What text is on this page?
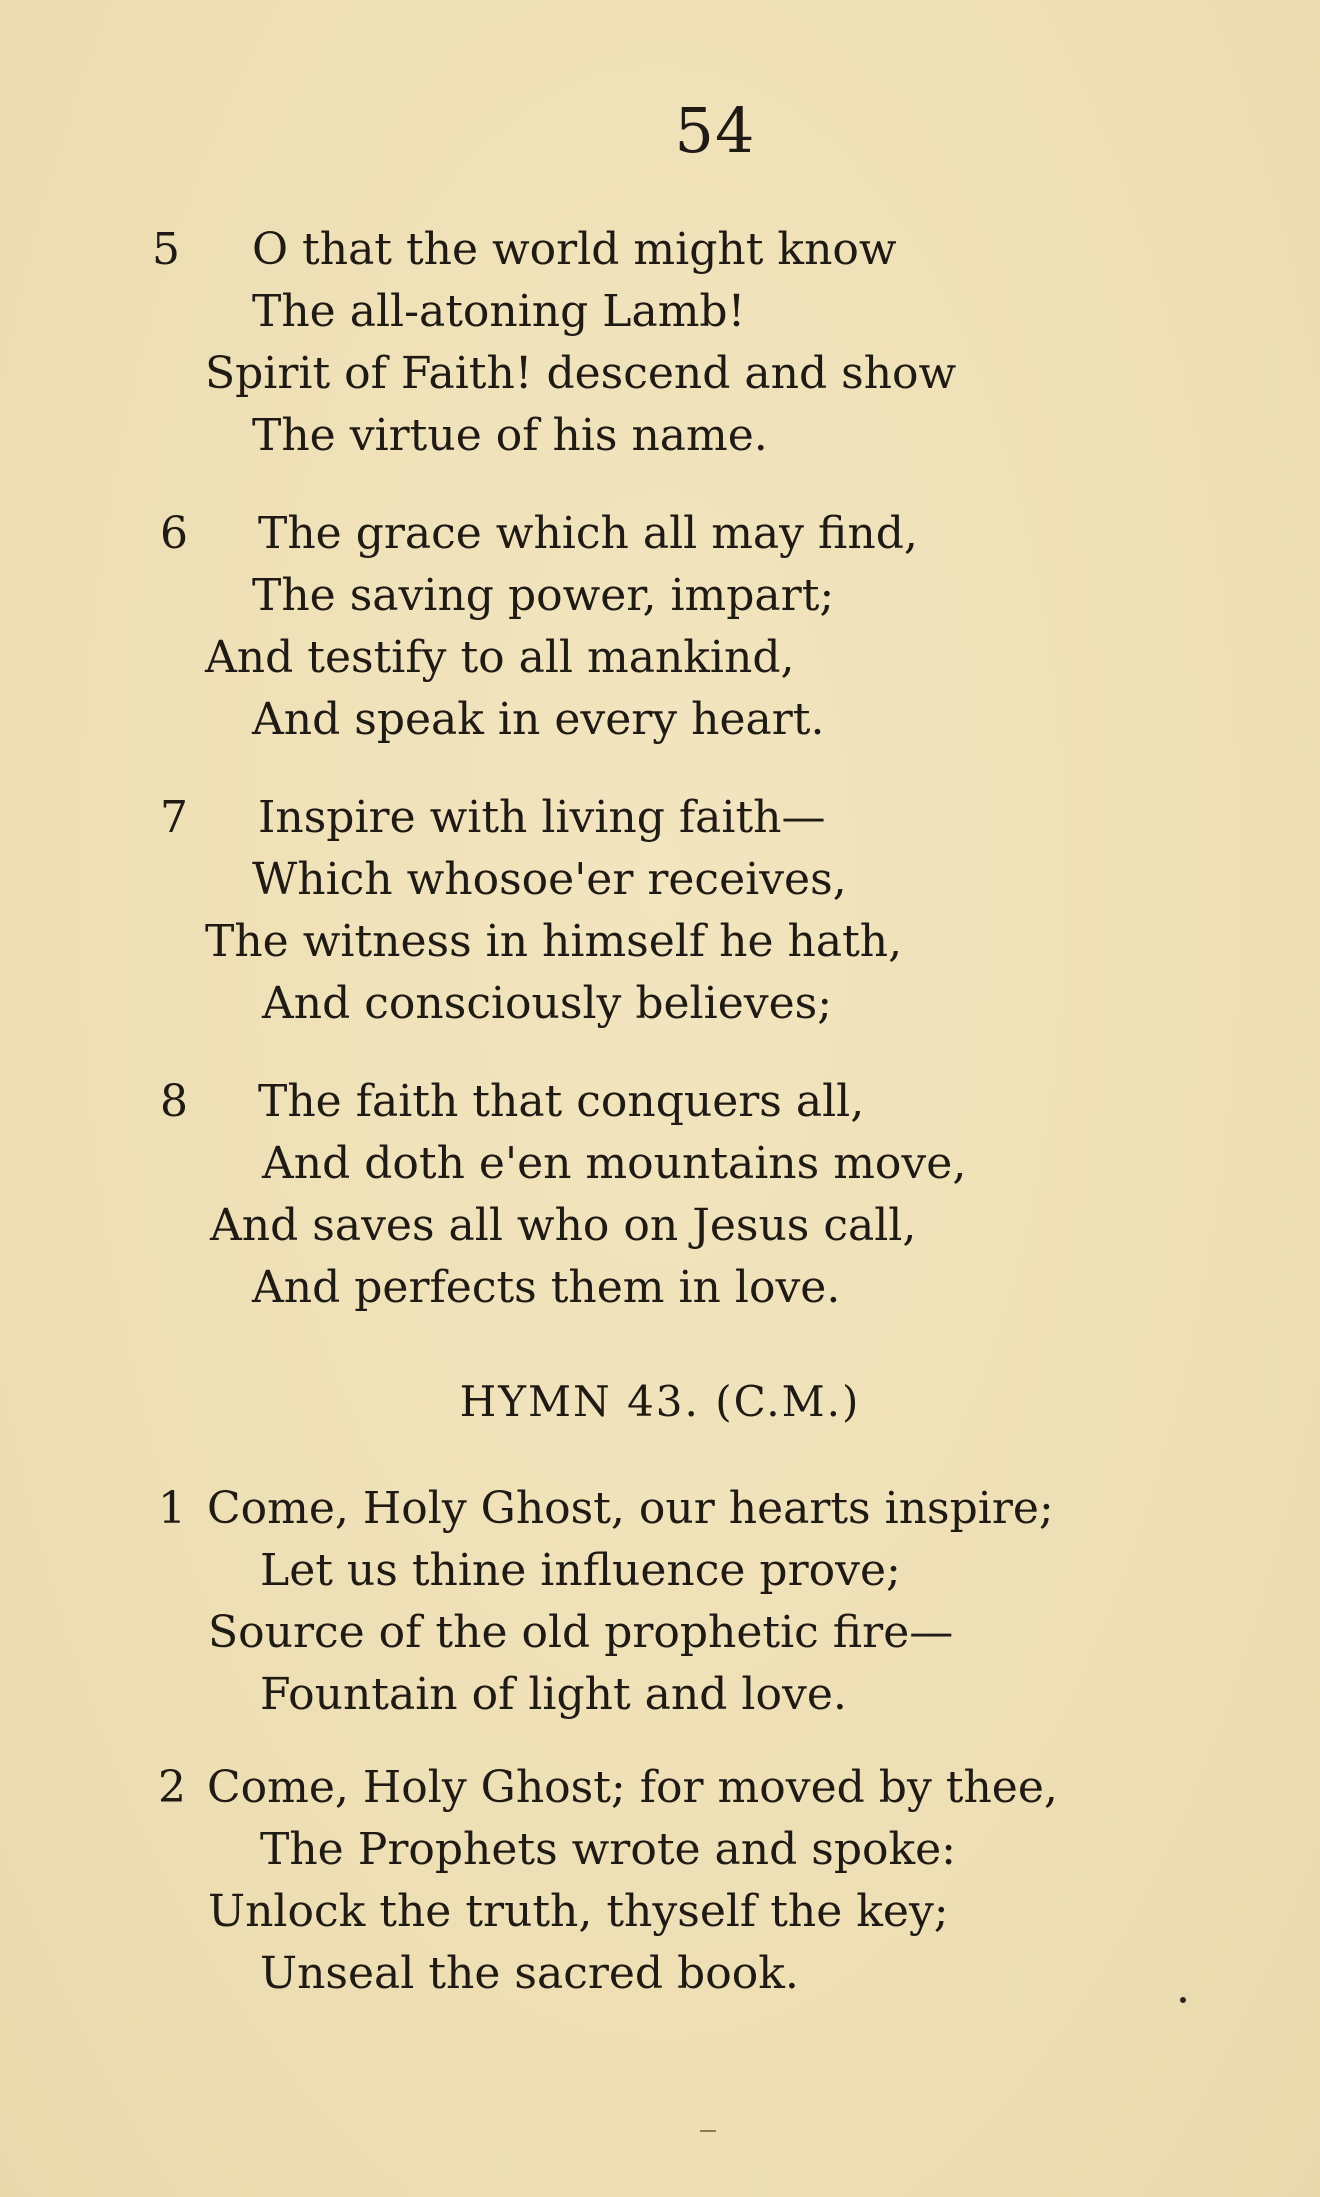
54
5 O that the world might know
The all-atoning Lamb!
Spirit of Faith! descend and show
The virtue of his name.
6 The grace which all may find,
The saving power, impart;
And testify to all mankind,
And speak in every heart.
7 Inspire with living faith—
Which whosoe'er receives,
The witness in himself he hath,
And consciously believes;
8 The faith that conquers all,
And doth e'en mountains move,
And saves all who on Jesus call,
And perfects them in love.
HYMN 43. (C.M.)
1 Come, Holy Ghost, our hearts inspire;
Let us thine influence prove;
Source of the old prophetic fire—
Fountain of light and love.
2 Come, Holy Ghost; for moved by thee,
The Prophets wrote and spoke:
Unlock the truth, thyself the key;
Unseal the sacred book.
